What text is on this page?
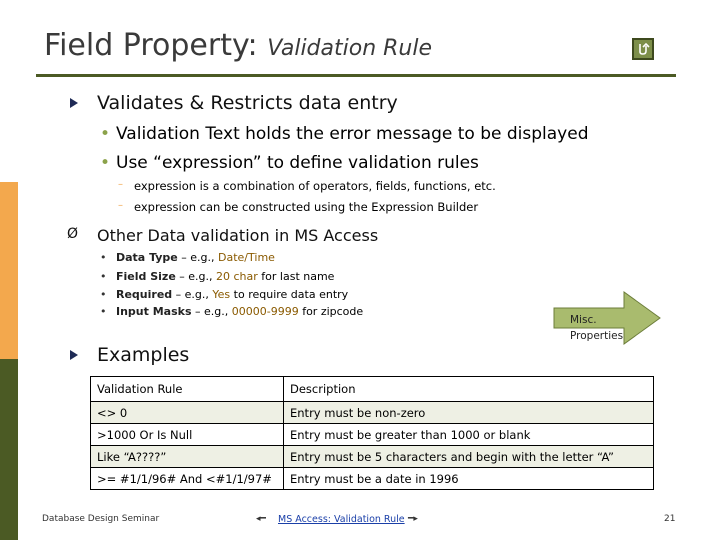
Field Property: Validation Rule
Validates & Restricts data entry
• Validation Text holds the error message to be displayed
• Use “expression” to define validation rules
– expression is a combination of operators, fields, functions, etc.
– expression can be constructed using the Expression Builder
Ø Other Data validation in MS Access
• Data Type – e.g., Date/Time
• Field Size – e.g., 20 char for last name
• Required – e.g., Yes to require data entry
• Input Masks – e.g., 00000-9999 for zipcode
Misc.
Properties
Examples
Validation Rule	Description
<> 0	Entry must be non-zero
>1000 Or Is Null	Entry must be greater than 1000 or blank
Like “A????”	Entry must be 5 characters and begin with the letter “A”
>= #1/1/96# And <#1/1/97#	Entry must be a date in 1996
Database Design Seminar	◂━ MS Access: Validation Rule ━▸	21
